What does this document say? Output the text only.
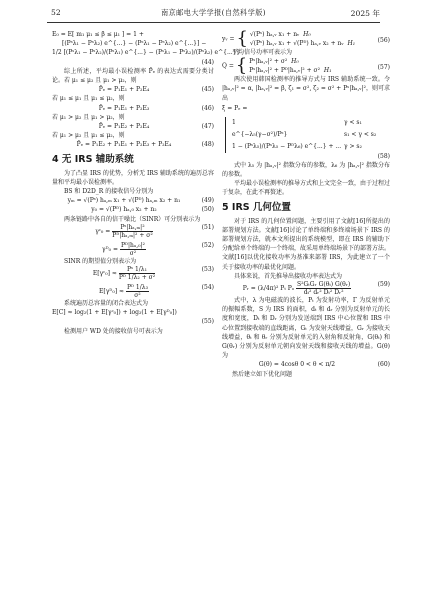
52	南京邮电大学学报(自然科学版)	2025 年
E₀ = E[ m₁ μ₁ ≤ β ≤ μ₁ ] = 1 +
[(Pˢλ₁ − Pˢλ₂) e^{...} − (Pˢλ₁ − Pˢλ₂) e^{...}] −
1/2 [(Pˢλ₁ − Pˢλ₂)/(Pˢλ₁) e^{...} − (Pˢλ₁ − Pˢλ₂)/(Pˢλ₂) e^{...}]

(44)
综上所述，平均最小误检测率 P̄ₑ 的表达式需要分类讨论。若 μ₁ ≤ μ₂ 且 μ₁ > μ₂，则
P̄ₑ = P₁E₁ + P₂E₄	(45)
若 μ₁ ≤ μ₁ 且 μ₁ ≤ μ₂，则
P̄ₑ = P₁E₁ + P₂E₃	(46)
若 μ₁ > μ₂ 且 μ₁ > μ₂，则
P̄ₑ = P₁E₂ + P₂E₄	(47)
若 μ₁ > μ₂ 且 μ₁ ≤ μ₂，则
P̄ₑ = P₁E₂ + P₁E₁ + P₂E₃ + P₂E₄	(48)
4 无 IRS 辅助系统
为了凸显 IRS 的优势，分析无 IRS 辅助系统的遍历总容量和平均最小误检测率。
BS 和 D2D_R 的接收信号分别为
yₘ = √(Pˢ) hₐ,ₘ x₁ + √(Pᴰ) hₐ,ₘ x₂ + n₁	(49)
y₀ = √(Pᴰ) hₐ,₀ x₂ + n₂	(50)
两条链路中各自的信干噪比（SINR）可分别表示为
γᶜ₀ = $\frac{\text{Pˢ|hₐ,ₘ|²}}{\text{Pᴰ|hₐ,ₘ|² + σ²}}$	(51)
γᴰ₀ = $\frac{\text{Pᴰ|hₐ,₀|²}}{\text{σ²}}$	(52)
SINR 的期望值分别表示为
E[γᶜ₀] ≈ $\frac{\text{Pˢ 1/λ₁}}{\text{Pᴰ 1/λ₂ + σ²}}$	(53)
E[γᴰ₀] ≈ $\frac{\text{Pᴰ 1/λ₃}}{\text{σ²}}$	(54)
系统遍历总容量的闭合表达式为
E[C] ≈ log₂(1 + E[γᶜ₀]) + log₂(1 + E[γᴰ₀])

(55)
检测用户 WD 处的接收信号可表示为
yᵥ = { √(Pˢ) hₐ,ᵥ x₁ + nᵥ H₀
√(Pˢ) hₐ,ᵥ x₁ + √(Pᴰ) hₐ,ᵥ x₂ + nᵥ H₁	(56)
平均信号功率可表示为
Q = { Pˢ|hₐ,ᵥ|² + σ² H₀
Pˢ|hₐ,ᵥ|² + Pᴰ|hₐ,ᵥ|² + σ² H₁	(57)
两次使用韩国检测率的推导方式与 IRS 辅助系统一致。令 |hₐ,ᵥ|² = α, |hₐ,ᵥ|² = β, ζ₁ = σ², ζ₂ = σ² + Pˢ|hₐ,ᵥ|²，则可求出
ξ = Pₑ =
1	γ < s₁
e^{−λ₅(γ−σ²)/Pˢ}	s₁ < γ < s₂
1 − (Pˢλ₅)/(Pˢλ₅ − Pᴰλ₆) e^{...} + ... γ > s₂
(58)
式中 λ₅ 为 |hₐ,ᵥ|² 指数分布的参数，λ₆ 为 |hₐ,ᵥ|² 指数分布的参数。
平均最小误检测率的推导方式和上文完全一致，由于过程过于复杂，在此不再赘述。
5 IRS 几何位置
对于 IRS 的几何位置问题，主要引用了文献[16]所提出的部署规划方法。文献[16]讨论了单终端和多终端场景下 IRS 的部署规划方法，就本文所提出的系统模型，即在 IRS 的辅助下分配给单个终端的一个终端，故采用单终端场景下的部署方法。文献[16]以优化接收功率为基准来部署 IRS，为此建立了一个关于接收功率的最优化问题。
具体来说，首先推导出接收功率表达式为
Pᵣ = (λ/4π)² Pₜ Pₒ $\frac{\text{S²GₜGᵣ G(θₜ) G(θᵣ)}}{\text{dₜ² dᵣ² Dₜ² Dᵣ²}}$	(59)
式中，λ 为电磁波的波长，Pₜ 为发射功率，Γ 为反射单元的振幅系数，S 为 IRS 的面积，dₜ 和 dᵣ 分别为反射单元的长度和宽度，Dₜ 和 Dᵣ 分别为发送端到 IRS 中心位置和 IRS 中心位置到接收端的直线距离，Gₜ 为发射天线增益，Gᵣ 为接收天线增益，θₜ 和 θᵣ 分别为反射单元的入射角和反射角，G(θₜ) 和 G(θᵣ) 分别为反射单元朝向发射天线和接收天线的增益。G(θ) 为
G(θ) = 4cosθ 0 < θ < π/2	(60)
然后建立如下优化问题
